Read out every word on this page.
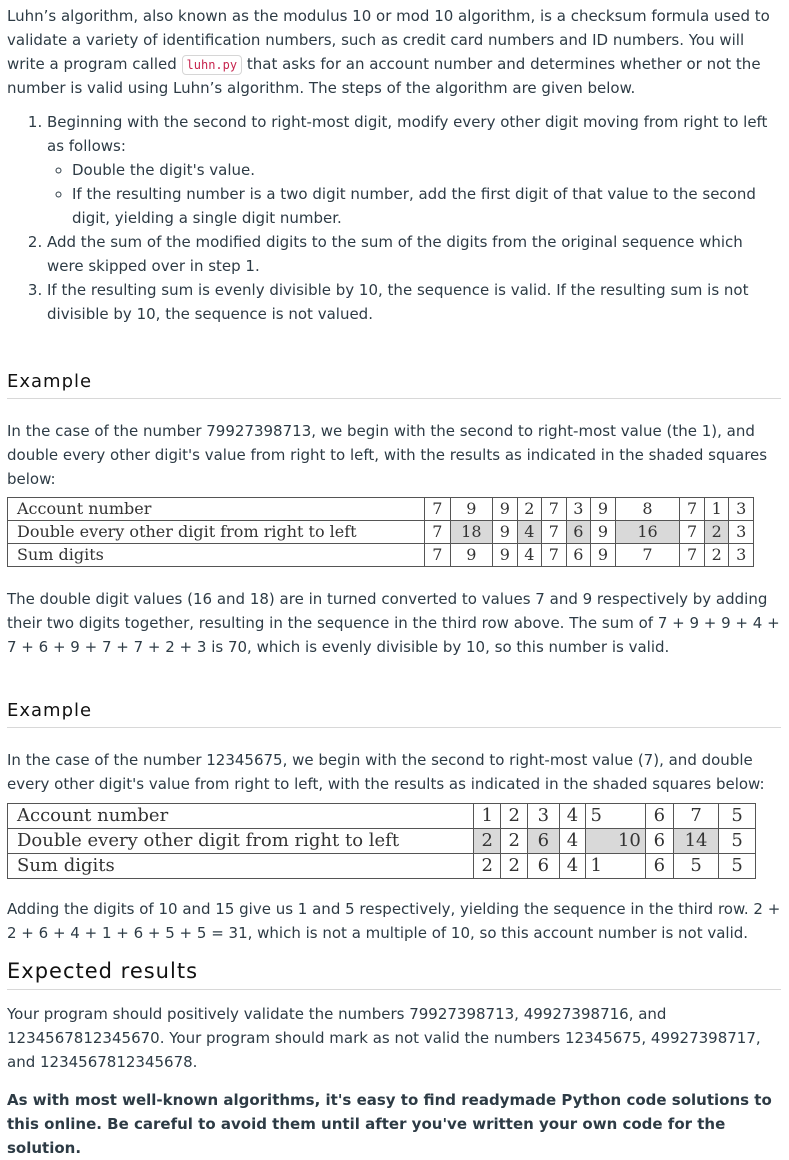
Luhn’s algorithm, also known as the modulus 10 or mod 10 algorithm, is a checksum formula used to validate a variety of identification numbers, such as credit card numbers and ID numbers. You will write a program called luhn.py that asks for an account number and determines whether or not the number is valid using Luhn’s algorithm. The steps of the algorithm are given below.

1. Beginning with the second to right-most digit, modify every other digit moving from right to left as follows:
◦ Double the digit's value.
◦ If the resulting number is a two digit number, add the first digit of that value to the second digit, yielding a single digit number.
2. Add the sum of the modified digits to the sum of the digits from the original sequence which were skipped over in step 1.
3. If the resulting sum is evenly divisible by 10, the sequence is valid. If the resulting sum is not divisible by 10, the sequence is not valued.
Example

In the case of the number 79927398713, we begin with the second to right-most value (the 1), and double every other digit's value from right to left, with the results as indicated in the shaded squares below:

Account number	7	9	9	2	7	3	9	8	7	1	3
Double every other digit from right to left	7	18	9	4	7	6	9	16	7	2	3
Sum digits	7	9	9	4	7	6	9	7	7	2	3

The double digit values (16 and 18) are in turned converted to values 7 and 9 respectively by adding their two digits together, resulting in the sequence in the third row above. The sum of 7 + 9 + 9 + 4 + 7 + 6 + 9 + 7 + 7 + 2 + 3 is 70, which is evenly divisible by 10, so this number is valid.

Example

In the case of the number 12345675, we begin with the second to right-most value (7), and double every other digit's value from right to left, with the results as indicated in the shaded squares below:

Account number	1	2	3	4	5	6	7	5
Double every other digit from right to left	2	2	6	4	10	6	14	5
Sum digits	2	2	6	4	1	6	5	5

Adding the digits of 10 and 15 give us 1 and 5 respectively, yielding the sequence in the third row. 2 + 2 + 6 + 4 + 1 + 6 + 5 + 5 = 31, which is not a multiple of 10, so this account number is not valid.

Expected results

Your program should positively validate the numbers 79927398713, 49927398716, and 1234567812345670. Your program should mark as not valid the numbers 12345675, 49927398717, and 1234567812345678.

As with most well-known algorithms, it's easy to find readymade Python code solutions to this online. Be careful to avoid them until after you've written your own code for the solution.
